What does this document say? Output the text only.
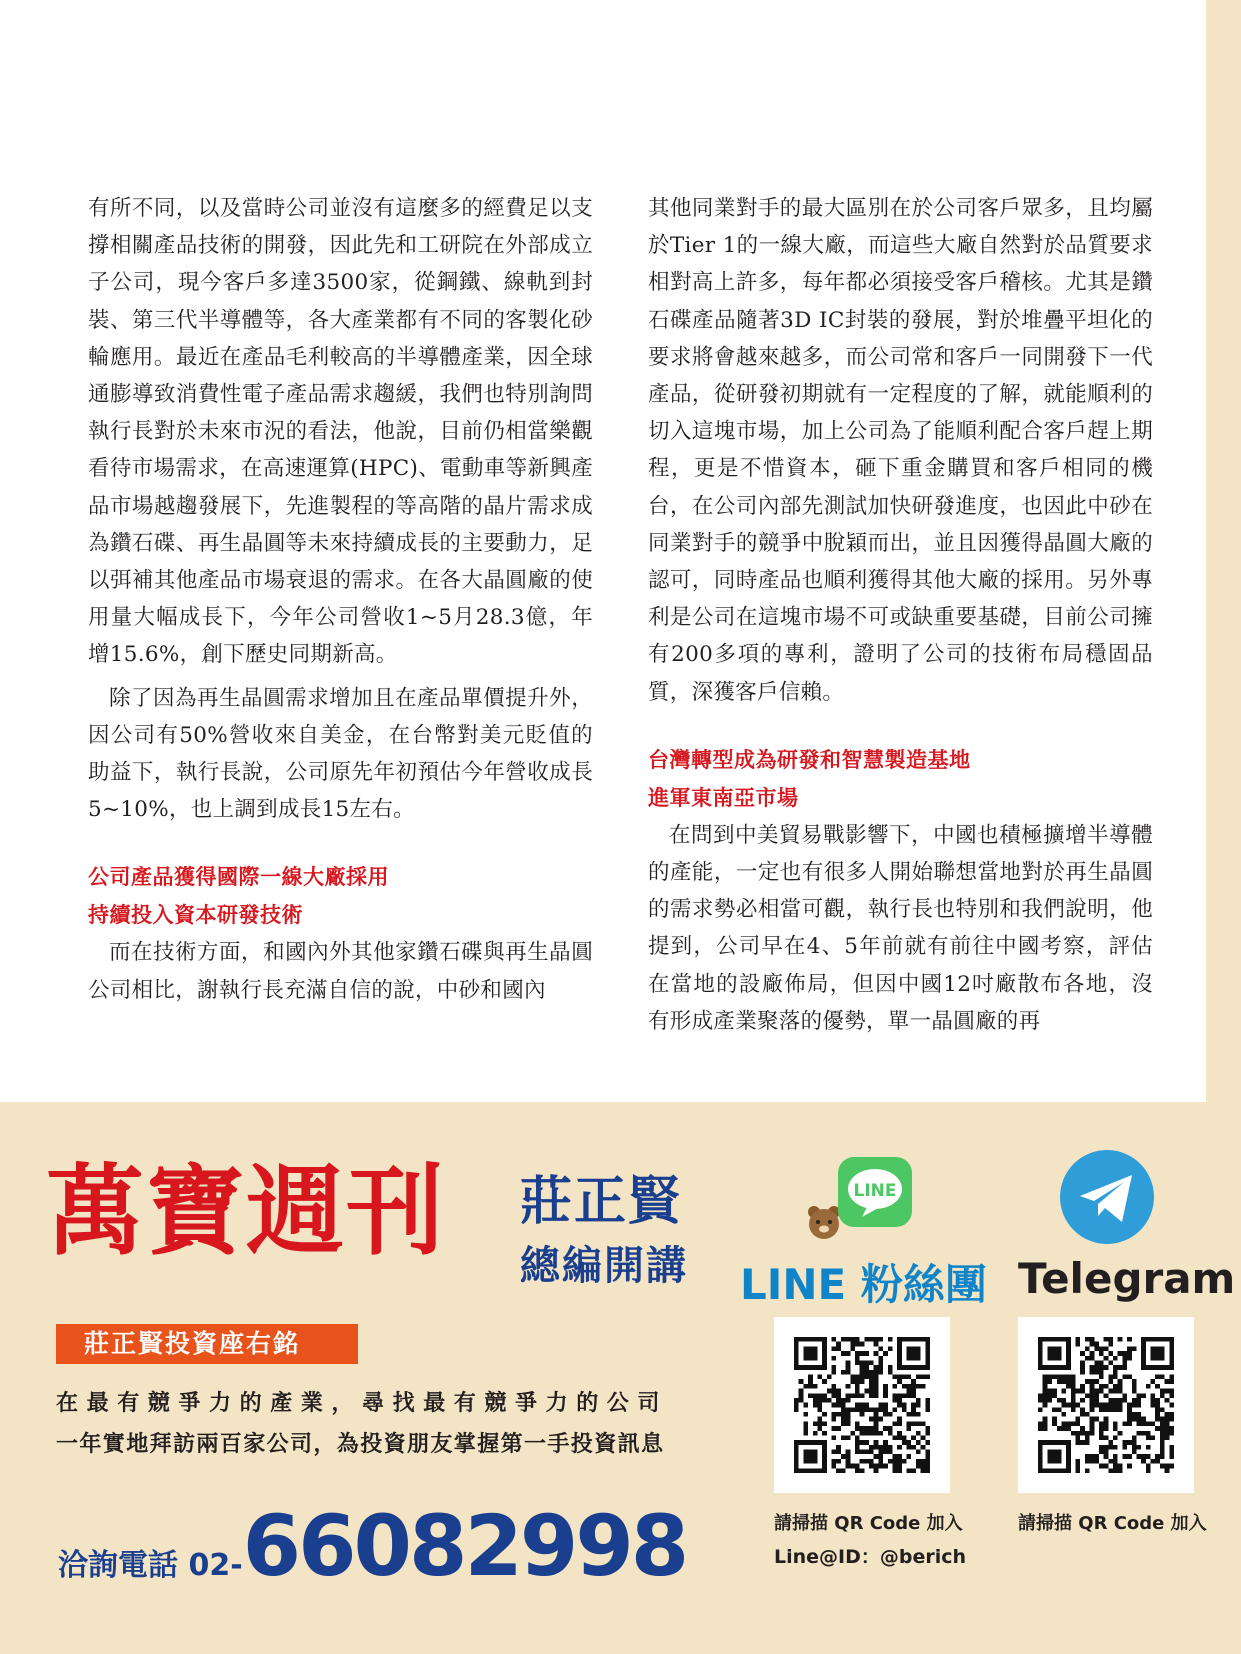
有所不同，以及當時公司並沒有這麼多的經費足以支撐相關產品技術的開發，因此先和工研院在外部成立子公司，現今客戶多達3500家，從鋼鐵、線軌到封裝、第三代半導體等，各大產業都有不同的客製化砂輪應用。最近在產品毛利較高的半導體產業，因全球通膨導致消費性電子產品需求趨緩，我們也特別詢問執行長對於未來市況的看法，他說，目前仍相當樂觀看待市場需求，在高速運算(HPC)、電動車等新興產品市場越趨發展下，先進製程的等高階的晶片需求成為鑽石碟、再生晶圓等未來持續成長的主要動力，足以弭補其他產品市場衰退的需求。在各大晶圓廠的使用量大幅成長下，今年公司營收1~5月28.3億，年增15.6%，創下歷史同期新高。

除了因為再生晶圓需求增加且在產品單價提升外，因公司有50%營收來自美金，在台幣對美元貶值的助益下，執行長說，公司原先年初預估今年營收成長5~10%，也上調到成長15左右。

公司產品獲得國際一線大廠採用
持續投入資本研發技術

而在技術方面，和國內外其他家鑽石碟與再生晶圓公司相比，謝執行長充滿自信的說，中砂和國內

其他同業對手的最大區別在於公司客戶眾多，且均屬於Tier 1的一線大廠，而這些大廠自然對於品質要求相對高上許多，每年都必須接受客戶稽核。尤其是鑽石碟產品隨著3D IC封裝的發展，對於堆疊平坦化的要求將會越來越多，而公司常和客戶一同開發下一代產品，從研發初期就有一定程度的了解，就能順利的切入這塊市場，加上公司為了能順利配合客戶趕上期程，更是不惜資本，砸下重金購買和客戶相同的機台，在公司內部先測試加快研發進度，也因此中砂在同業對手的競爭中脫穎而出，並且因獲得晶圓大廠的認可，同時產品也順利獲得其他大廠的採用。另外專利是公司在這塊市場不可或缺重要基礎，目前公司擁有200多項的專利，證明了公司的技術布局穩固品質，深獲客戶信賴。

台灣轉型成為研發和智慧製造基地
進軍東南亞市場

在問到中美貿易戰影響下，中國也積極擴增半導體的產能，一定也有很多人開始聯想當地對於再生晶圓的需求勢必相當可觀，執行長也特別和我們說明，他提到，公司早在4、5年前就有前往中國考察，評估在當地的設廠佈局，但因中國12吋廠散布各地，沒有形成產業聚落的優勢，單一晶圓廠的再

萬寶週刊 莊正賢
總編開講
莊正賢投資座右銘
在最有競爭力的產業，尋找最有競爭力的公司
一年實地拜訪兩百家公司，為投資朋友掌握第一手投資訊息
洽詢電話 02-66082998
LINE
LINE 粉絲團 Telegram
請掃描 QR Code 加入	請掃描 QR Code 加入
Line@ID：@berich
